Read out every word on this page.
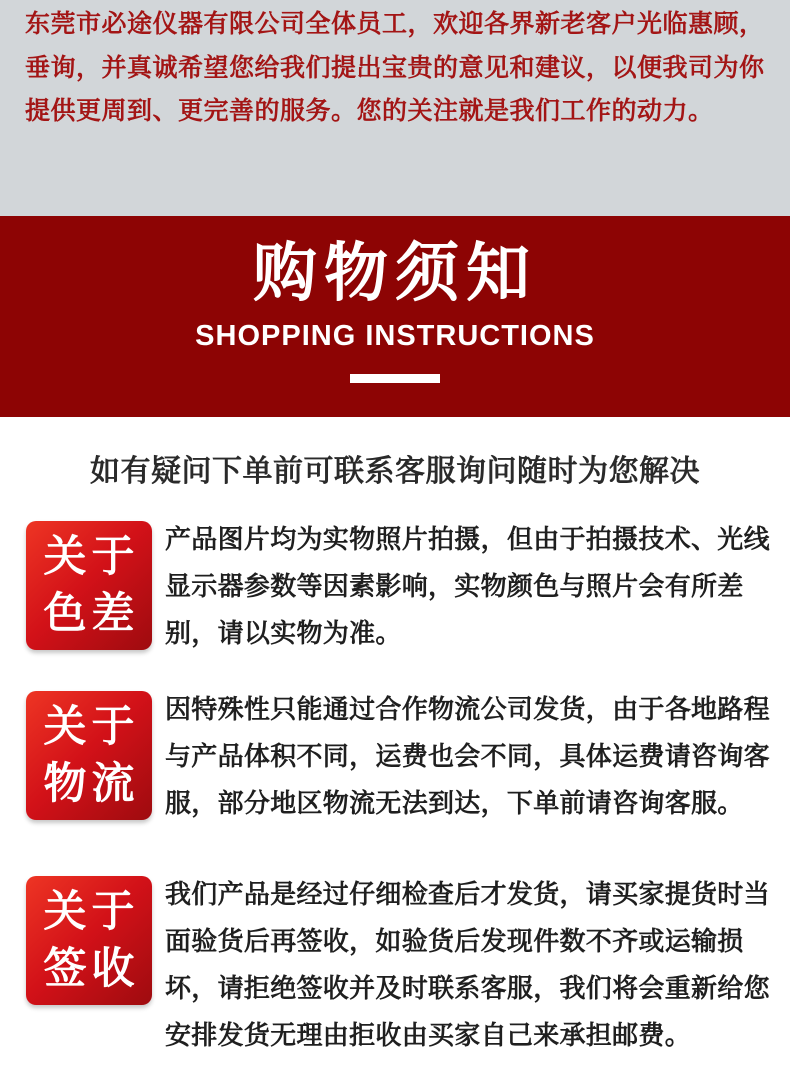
东莞市必途仪器有限公司全体员工，欢迎各界新老客户光临惠顾，
垂询，并真诚希望您给我们提出宝贵的意见和建议，以便我司为你
提供更周到、更完善的服务。您的关注就是我们工作的动力。
购物须知
SHOPPING INSTRUCTIONS
如有疑问下单前可联系客服询问随时为您解决
关于
色差
产品图片均为实物照片拍摄，但由于拍摄技术、光线
显示器参数等因素影响，实物颜色与照片会有所差
别，请以实物为准。
关于
物流
因特殊性只能通过合作物流公司发货，由于各地路程
与产品体积不同，运费也会不同，具体运费请咨询客
服，部分地区物流无法到达，下单前请咨询客服。
关于
签收
我们产品是经过仔细检查后才发货，请买家提货时当
面验货后再签收，如验货后发现件数不齐或运输损
坏，请拒绝签收并及时联系客服，我们将会重新给您
安排发货无理由拒收由买家自己来承担邮费。
